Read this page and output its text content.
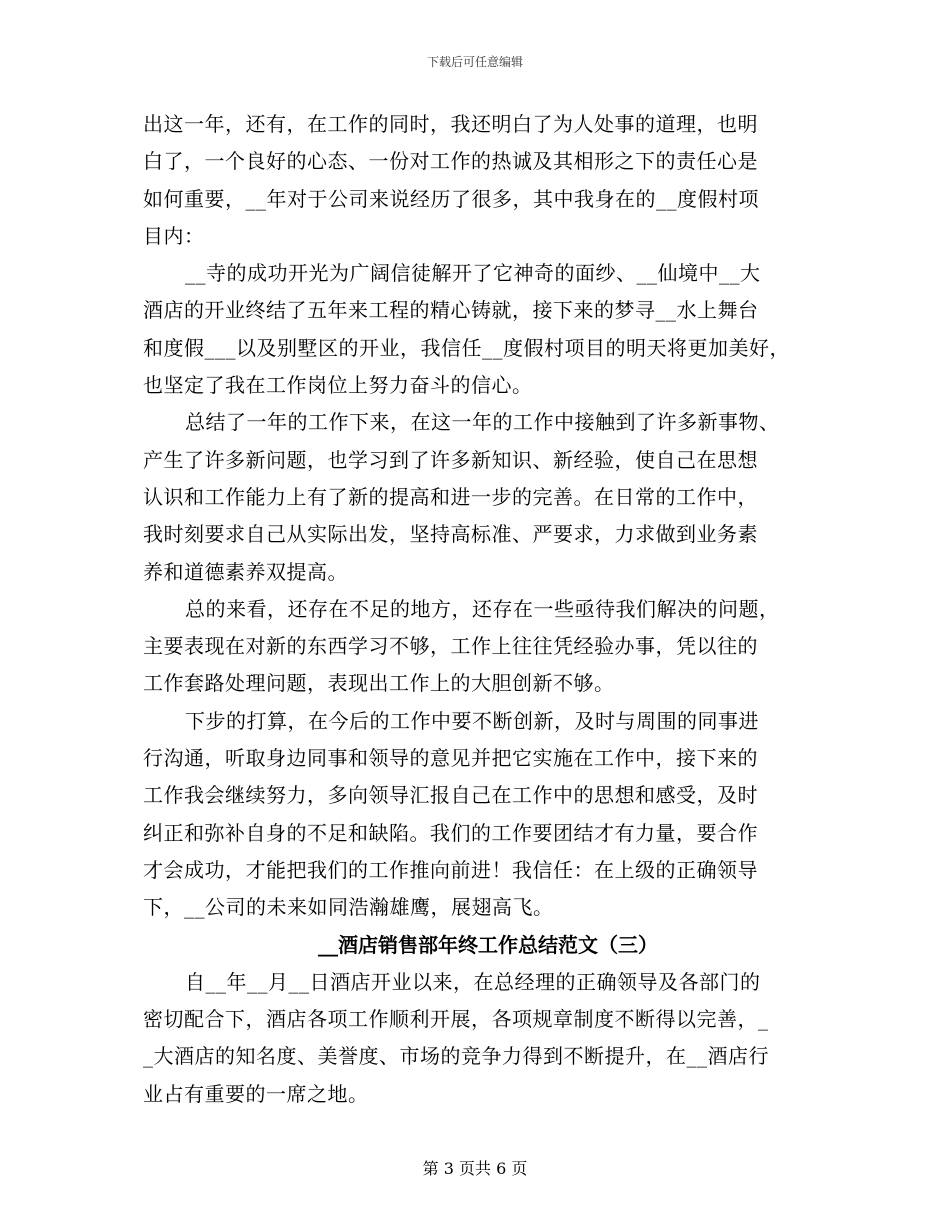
下载后可任意编辑
出这一年，还有，在工作的同时，我还明白了为人处事的道理，也明
白了，一个良好的心态、一份对工作的热诚及其相形之下的责任心是
如何重要，__年对于公司来说经历了很多，其中我身在的__度假村项
目内：
__寺的成功开光为广阔信徒解开了它神奇的面纱、__仙境中__大
酒店的开业终结了五年来工程的精心铸就，接下来的梦寻__水上舞台
和度假___以及别墅区的开业，我信任__度假村项目的明天将更加美好，
也坚定了我在工作岗位上努力奋斗的信心。
总结了一年的工作下来，在这一年的工作中接触到了许多新事物、
产生了许多新问题，也学习到了许多新知识、新经验，使自己在思想
认识和工作能力上有了新的提高和进一步的完善。在日常的工作中，
我时刻要求自己从实际出发，坚持高标准、严要求，力求做到业务素
养和道德素养双提高。
总的来看，还存在不足的地方，还存在一些亟待我们解决的问题，
主要表现在对新的东西学习不够，工作上往往凭经验办事，凭以往的
工作套路处理问题，表现出工作上的大胆创新不够。
下步的打算，在今后的工作中要不断创新，及时与周围的同事进
行沟通，听取身边同事和领导的意见并把它实施在工作中，接下来的
工作我会继续努力，多向领导汇报自己在工作中的思想和感受，及时
纠正和弥补自身的不足和缺陷。我们的工作要团结才有力量，要合作
才会成功，才能把我们的工作推向前进！我信任：在上级的正确领导
下，__公司的未来如同浩瀚雄鹰，展翅高飞。
__酒店销售部年终工作总结范文（三）
自__年__月__日酒店开业以来，在总经理的正确领导及各部门的
密切配合下，酒店各项工作顺利开展，各项规章制度不断得以完善，_
_大酒店的知名度、美誉度、市场的竞争力得到不断提升，在__酒店行
业占有重要的一席之地。
第 3 页共 6 页
